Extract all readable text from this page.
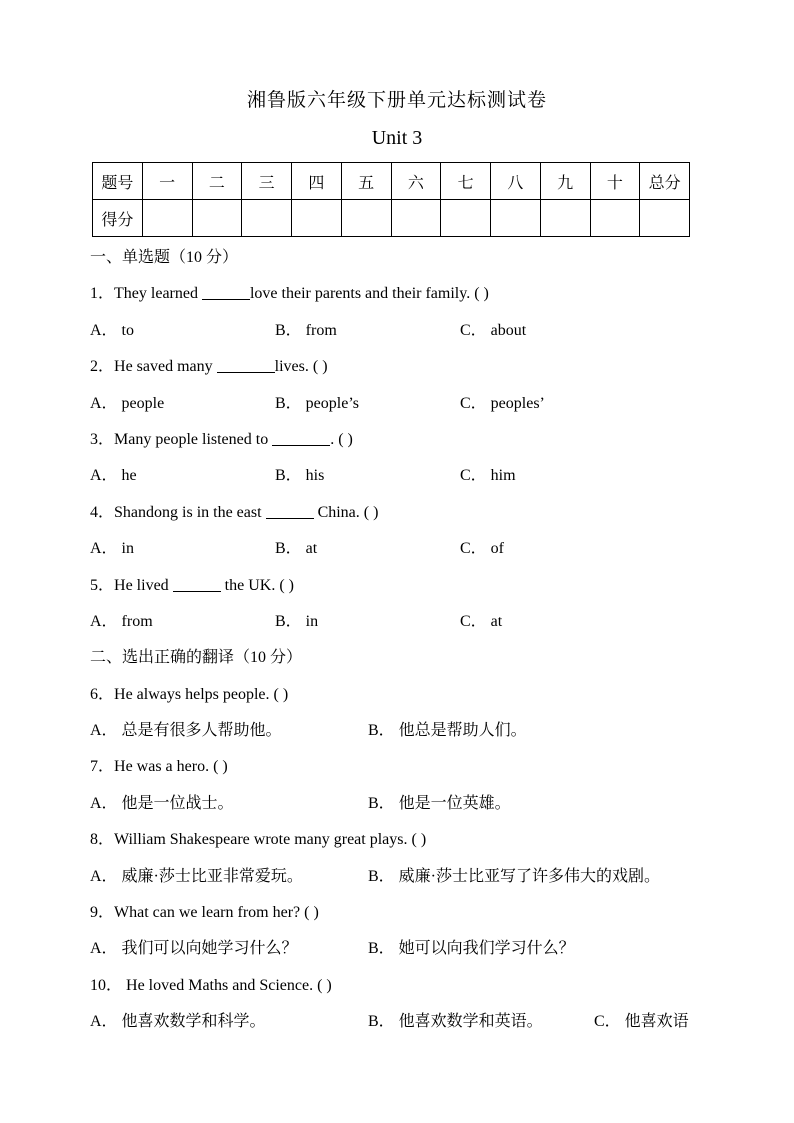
湘鲁版六年级下册单元达标测试卷
Unit 3
题号	一	二	三	四	五	六	七	八	九	十	总分
得分											
一、单选题（10 分）
1．They learned	love their parents and their family. ( )
A． to	B． from	C． about
2．He saved many	lives. ( )
A． people	B． people’s	C． peoples’
3．Many people listened to	. ( )
A． he	B． his	C． him
4．Shandong is in the east	China. ( )
A． in	B． at	C． of
5．He lived	the UK. ( )
A． from	B． in	C． at
二、选出正确的翻译（10 分）
6．He always helps people. ( )
A． 总是有很多人帮助他。	B． 他总是帮助人们。
7．He was a hero. ( )
A． 他是一位战士。	B． 他是一位英雄。
8．William Shakespeare wrote many great plays. ( )
A． 威廉·莎士比亚非常爱玩。	B． 威廉·莎士比亚写了许多伟大的戏剧。
9．What can we learn from her? ( )
A． 我们可以向她学习什么？	B． 她可以向我们学习什么？
10． He loved Maths and Science. ( )
A． 他喜欢数学和科学。	B． 他喜欢数学和英语。	C． 他喜欢语
